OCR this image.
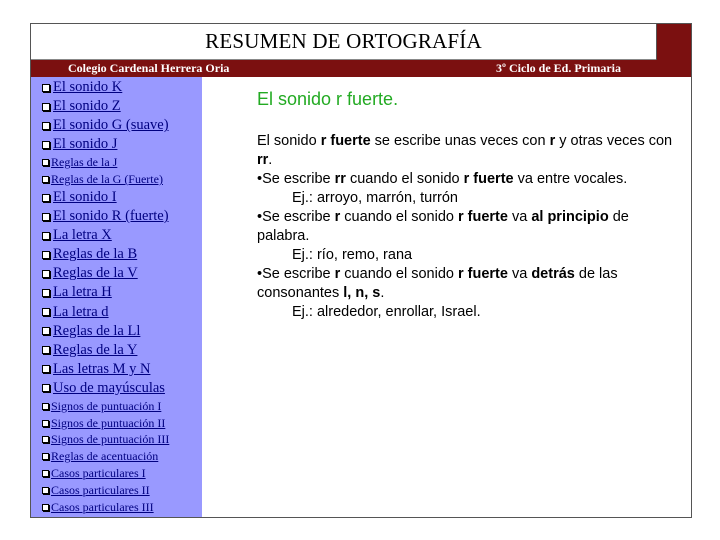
RESUMEN DE ORTOGRAFÍA
Colegio Cardenal Herrera Oria	3º Ciclo de Ed. Primaria
El sonido K
El sonido Z
El sonido G (suave)
El sonido J
Reglas de la J
Reglas de la G (Fuerte)
El sonido I
El sonido R (fuerte)
La letra X
Reglas de la B
Reglas de la V
La letra H
La letra d
Reglas de la Ll
Reglas de la Y
Las letras M y N
Uso de mayúsculas
Signos de puntuación I
Signos de puntuación II
Signos de puntuación III
Reglas de acentuación
Casos particulares I
Casos particulares II
Casos particulares III

El sonido r fuerte.

El sonido r fuerte se escribe unas veces con r y otras veces con rr.
•Se escribe rr cuando el sonido r fuerte va entre vocales.
Ej.: arroyo, marrón, turrón
•Se escribe r cuando el sonido r fuerte va al principio de palabra.
Ej.: río, remo, rana
•Se escribe r cuando el sonido r fuerte va detrás de las consonantes l, n, s.
Ej.: alrededor, enrollar, Israel.
